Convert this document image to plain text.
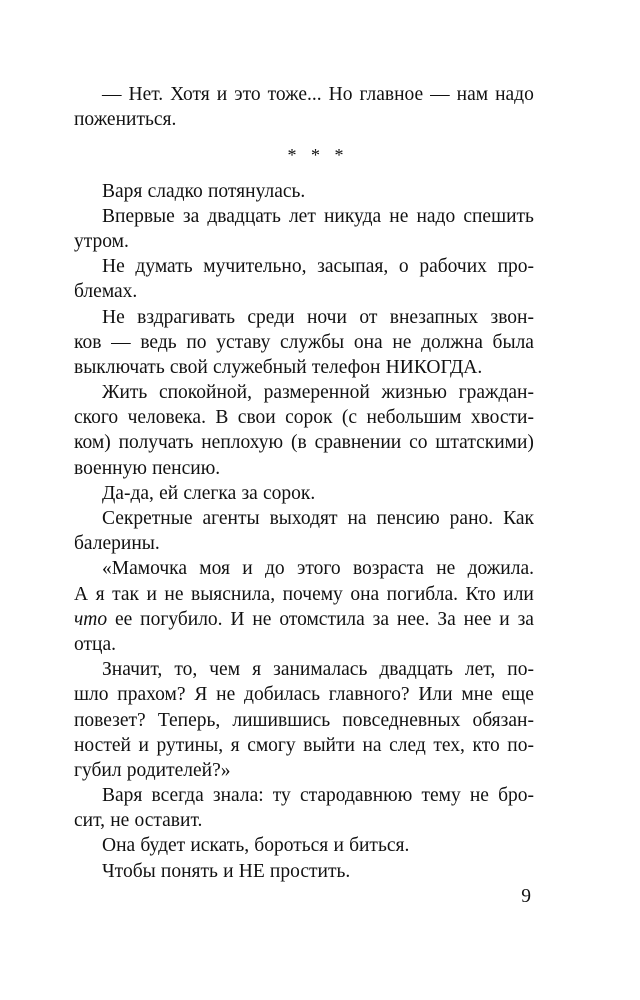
— Нет. Хотя и это тоже... Но главное — нам надо
пожениться.
* * *
Варя сладко потянулась.
Впервые за двадцать лет никуда не надо спешить
утром.
Не думать мучительно, засыпая, о рабочих про-
блемах.
Не вздрагивать среди ночи от внезапных звон-
ков — ведь по уставу службы она не должна была
выключать свой служебный телефон НИКОГДА.
Жить спокойной, размеренной жизнью граждан-
ского человека. В свои сорок (с небольшим хвости-
ком) получать неплохую (в сравнении со штатскими)
военную пенсию.
Да-да, ей слегка за сорок.
Секретные агенты выходят на пенсию рано. Как
балерины.
«Мамочка моя и до этого возраста не дожила.
А я так и не выяснила, почему она погибла. Кто или
что ее погубило. И не отомстила за нее. За нее и за
отца.
Значит, то, чем я занималась двадцать лет, по-
шло прахом? Я не добилась главного? Или мне еще
повезет? Теперь, лишившись повседневных обязан-
ностей и рутины, я смогу выйти на след тех, кто по-
губил родителей?»
Варя всегда знала: ту стародавнюю тему не бро-
сит, не оставит.
Она будет искать, бороться и биться.
Чтобы понять и НЕ простить.
9
